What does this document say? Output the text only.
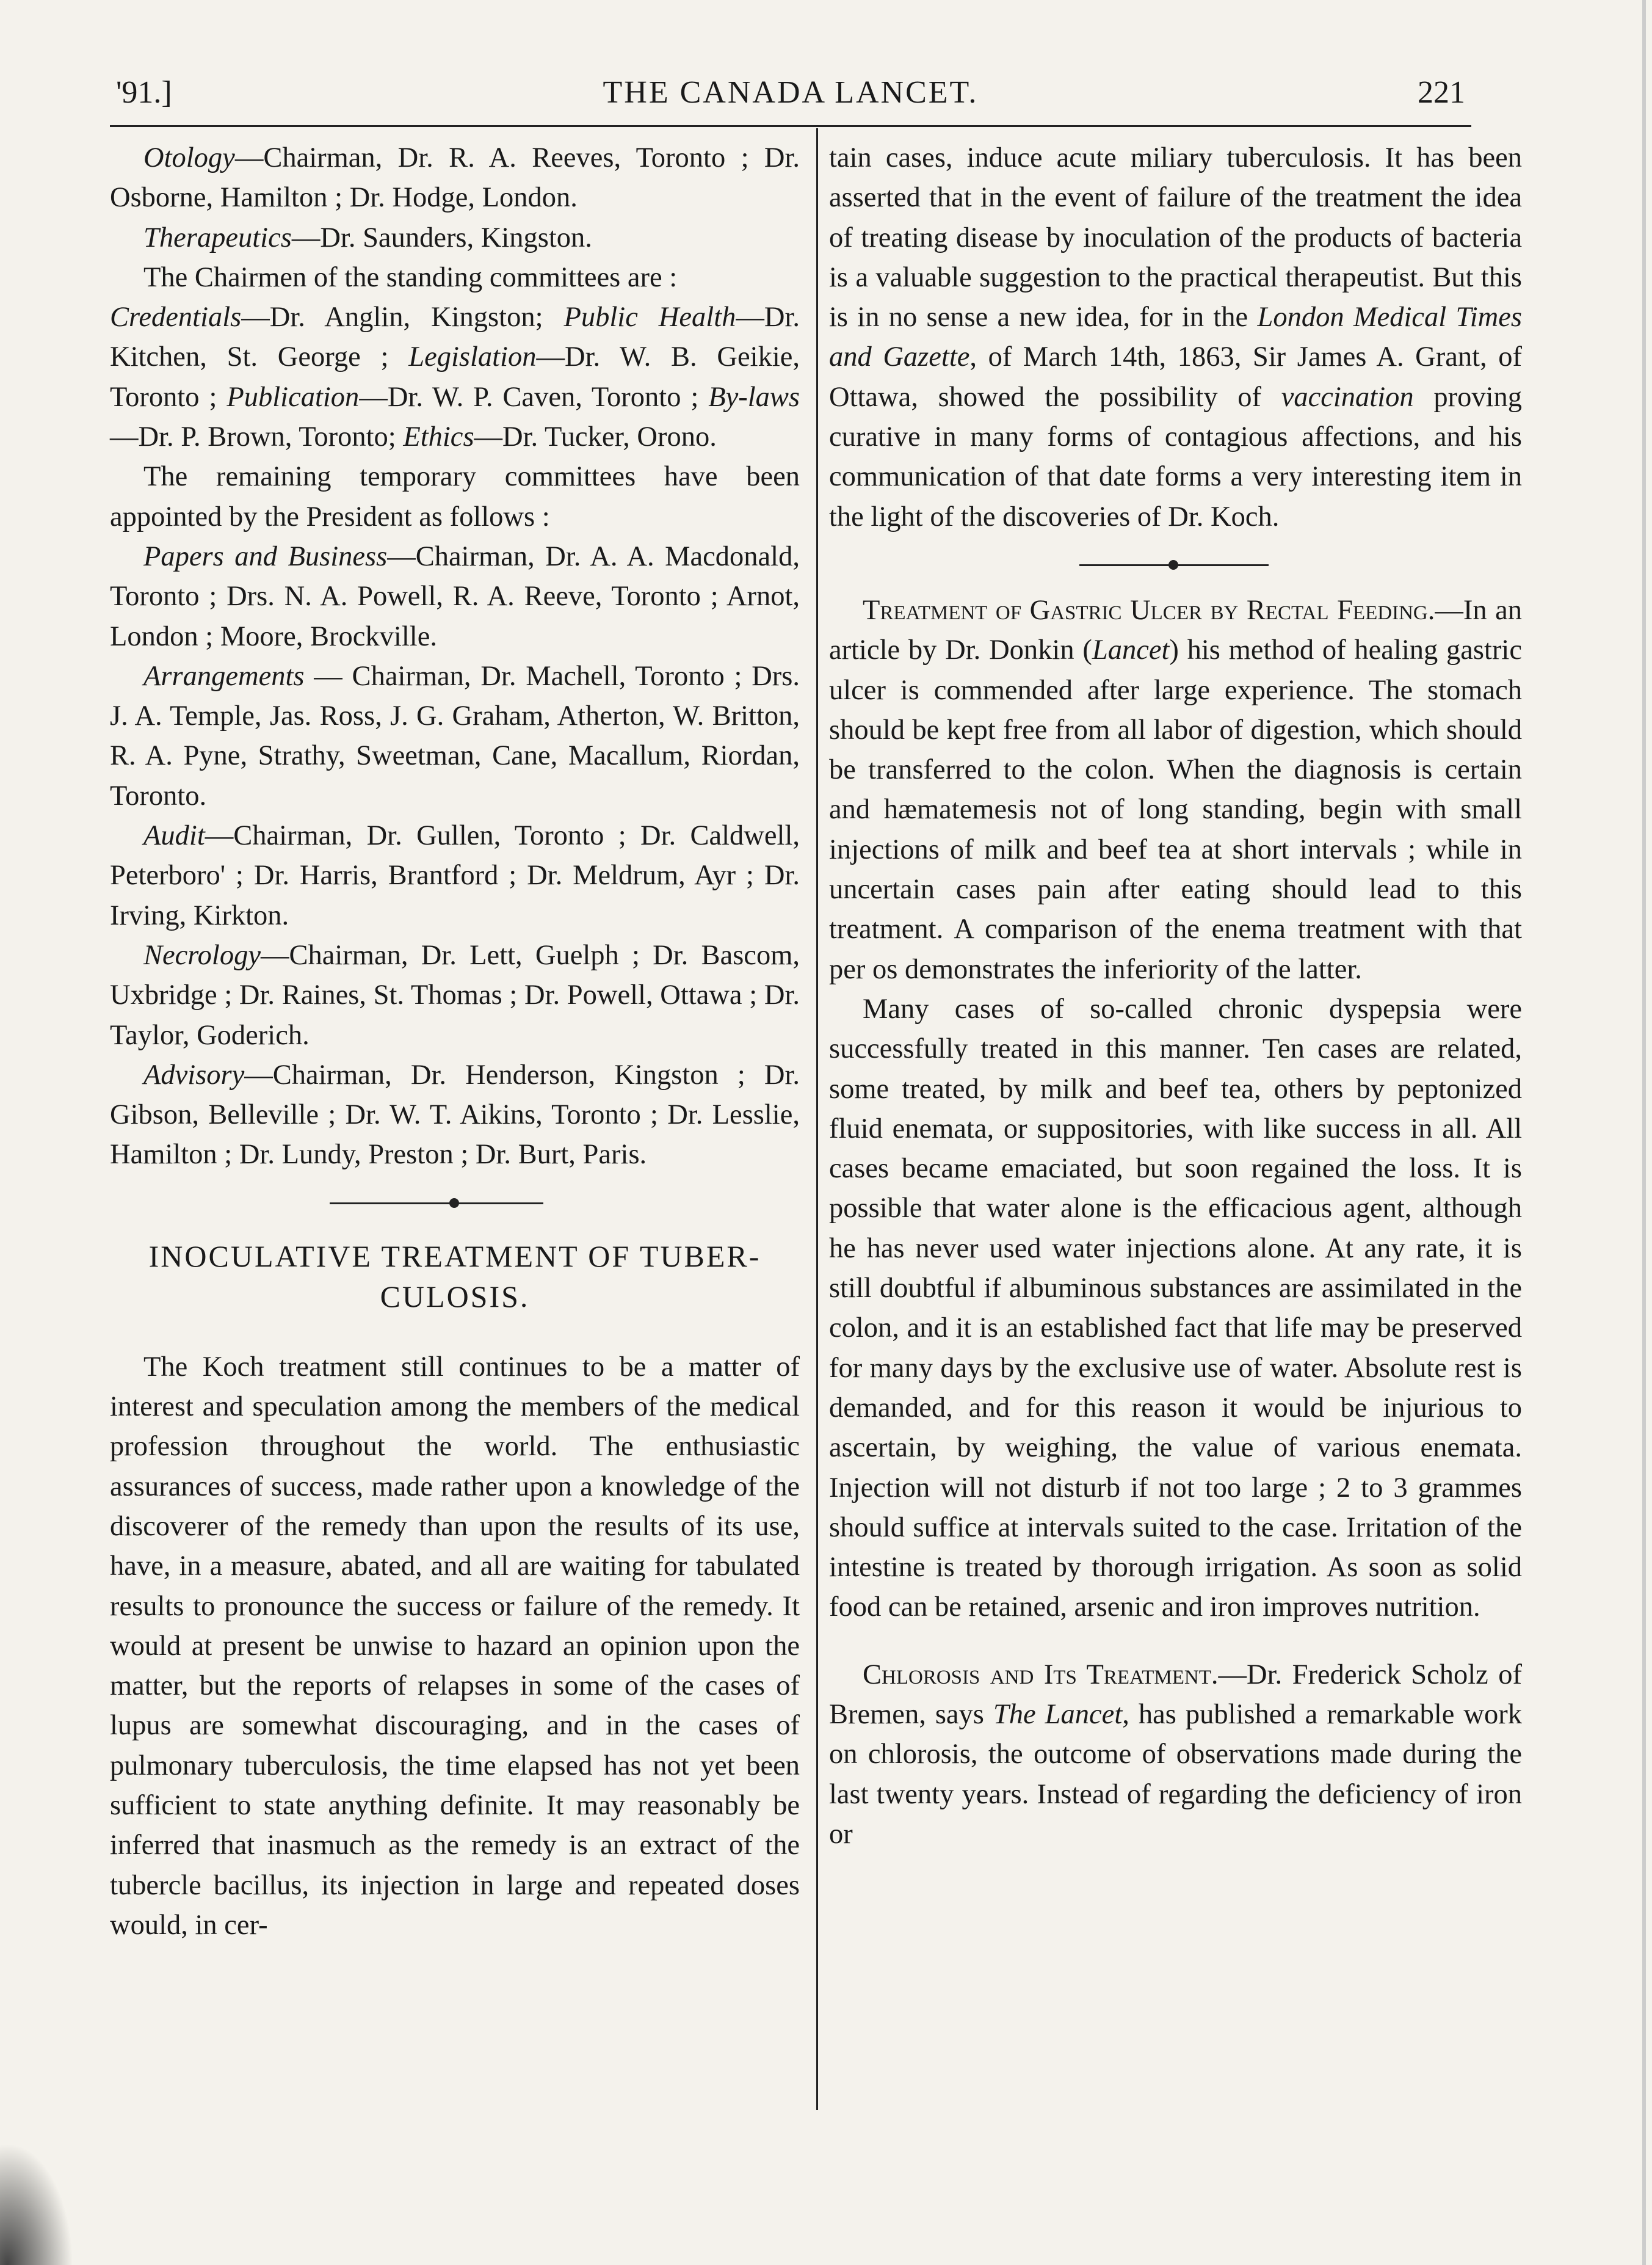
'91.]	THE CANADA LANCET.	221

Otology—Chairman, Dr. R. A. Reeves, Toronto ; Dr. Osborne, Hamilton ; Dr. Hodge, London.

Therapeutics—Dr. Saunders, Kingston.

The Chairmen of the standing committees are :

Credentials—Dr. Anglin, Kingston; Public Health—Dr. Kitchen, St. George ; Legislation—Dr. W. B. Geikie, Toronto ; Publication—Dr. W. P. Caven, Toronto ; By-laws—Dr. P. Brown, Toronto; Ethics—Dr. Tucker, Orono.

The remaining temporary committees have been appointed by the President as follows :

Papers and Business—Chairman, Dr. A. A. Macdonald, Toronto ; Drs. N. A. Powell, R. A. Reeve, Toronto ; Arnot, London ; Moore, Brockville.

Arrangements — Chairman, Dr. Machell, Toronto ; Drs. J. A. Temple, Jas. Ross, J. G. Graham, Atherton, W. Britton, R. A. Pyne, Strathy, Sweetman, Cane, Macallum, Riordan, Toronto.

Audit—Chairman, Dr. Gullen, Toronto ; Dr. Caldwell, Peterboro' ; Dr. Harris, Brantford ; Dr. Meldrum, Ayr ; Dr. Irving, Kirkton.

Necrology—Chairman, Dr. Lett, Guelph ; Dr. Bascom, Uxbridge ; Dr. Raines, St. Thomas ; Dr. Powell, Ottawa ; Dr. Taylor, Goderich.

Advisory—Chairman, Dr. Henderson, Kingston ; Dr. Gibson, Belleville ; Dr. W. T. Aikins, Toronto ; Dr. Lesslie, Hamilton ; Dr. Lundy, Preston ; Dr. Burt, Paris.

INOCULATIVE TREATMENT OF TUBER-
CULOSIS.

The Koch treatment still continues to be a matter of interest and speculation among the members of the medical profession throughout the world. The enthusiastic assurances of success, made rather upon a knowledge of the discoverer of the remedy than upon the results of its use, have, in a measure, abated, and all are waiting for tabulated results to pronounce the success or failure of the remedy. It would at present be unwise to hazard an opinion upon the matter, but the reports of relapses in some of the cases of lupus are somewhat discouraging, and in the cases of pulmonary tuberculosis, the time elapsed has not yet been sufficient to state anything definite. It may reasonably be inferred that inasmuch as the remedy is an extract of the tubercle bacillus, its injection in large and repeated doses would, in cer-

tain cases, induce acute miliary tuberculosis. It has been asserted that in the event of failure of the treatment the idea of treating disease by inoculation of the products of bacteria is a valuable suggestion to the practical therapeutist. But this is in no sense a new idea, for in the London Medical Times and Gazette, of March 14th, 1863, Sir James A. Grant, of Ottawa, showed the possibility of vaccination proving curative in many forms of contagious affections, and his communication of that date forms a very interesting item in the light of the discoveries of Dr. Koch.

Treatment of Gastric Ulcer by Rectal Feeding.—In an article by Dr. Donkin (Lancet) his method of healing gastric ulcer is commended after large experience. The stomach should be kept free from all labor of digestion, which should be transferred to the colon. When the diagnosis is certain and hæmatemesis not of long standing, begin with small injections of milk and beef tea at short intervals ; while in uncertain cases pain after eating should lead to this treatment. A comparison of the enema treatment with that per os demonstrates the inferiority of the latter.

Many cases of so-called chronic dyspepsia were successfully treated in this manner. Ten cases are related, some treated, by milk and beef tea, others by peptonized fluid enemata, or suppositories, with like success in all. All cases became emaciated, but soon regained the loss. It is possible that water alone is the efficacious agent, although he has never used water injections alone. At any rate, it is still doubtful if albuminous substances are assimilated in the colon, and it is an established fact that life may be preserved for many days by the exclusive use of water. Absolute rest is demanded, and for this reason it would be injurious to ascertain, by weighing, the value of various enemata. Injection will not disturb if not too large ; 2 to 3 grammes should suffice at intervals suited to the case. Irritation of the intestine is treated by thorough irrigation. As soon as solid food can be retained, arsenic and iron improves nutrition.

Chlorosis and Its Treatment.—Dr. Frederick Scholz of Bremen, says The Lancet, has published a remarkable work on chlorosis, the outcome of observations made during the last twenty years. Instead of regarding the deficiency of iron or
